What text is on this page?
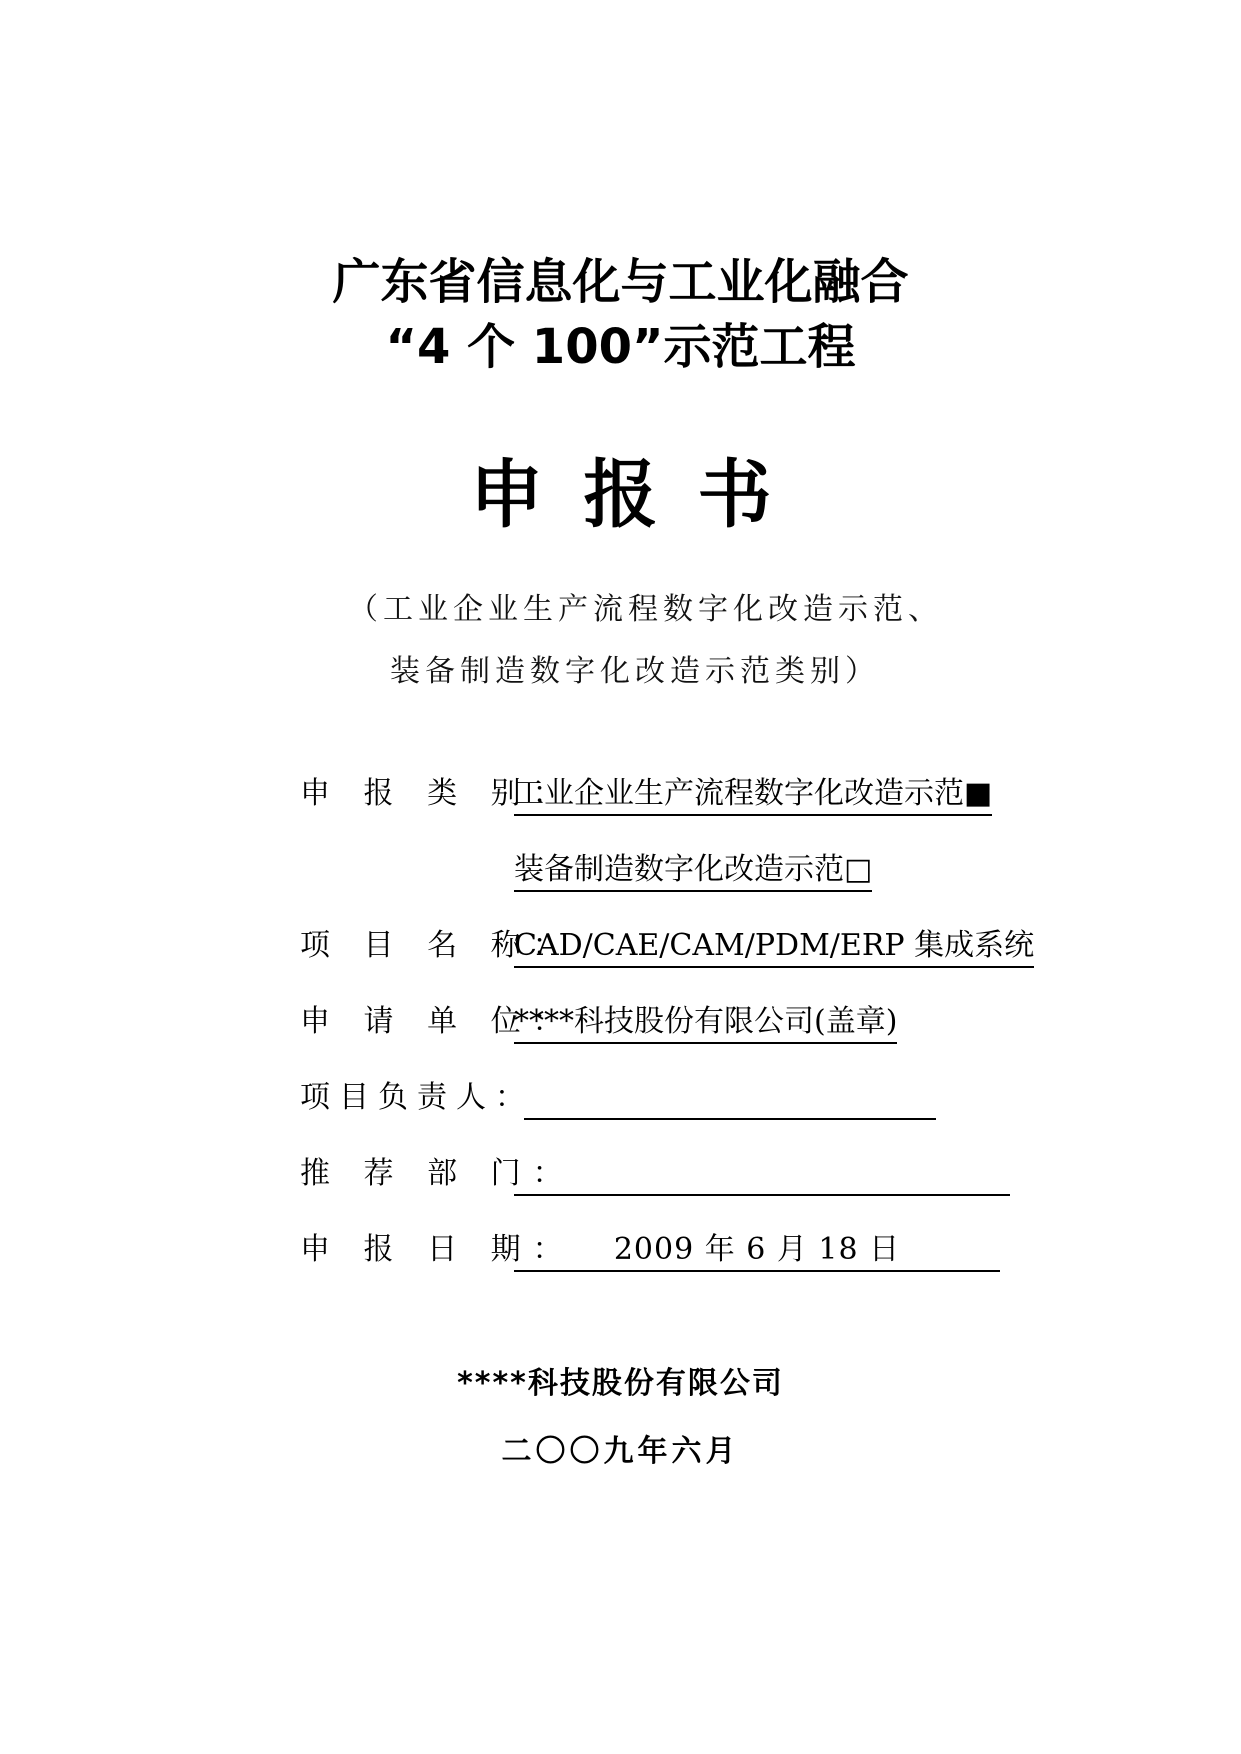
广东省信息化与工业化融合
“4 个 100”示范工程
申报书
（工业企业生产流程数字化改造示范、
装备制造数字化改造示范类别）
申 报 类 别：
工业企业生产流程数字化改造示范■
装备制造数字化改造示范□
项 目 名 称：
CAD/CAE/CAM/PDM/ERP 集成系统
申 请 单 位：
****科技股份有限公司(盖章)
项目负责人：
推 荐 部 门：
申 报 日 期：	2009 年 6 月 18 日
****科技股份有限公司
二〇〇九年六月
